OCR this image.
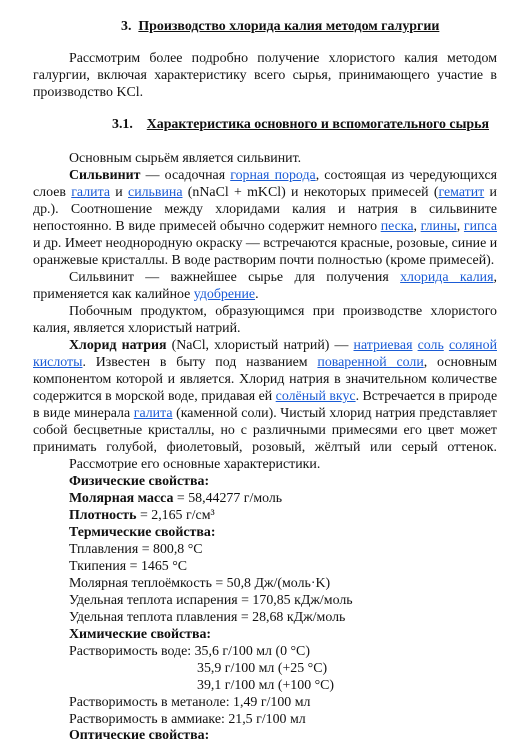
3. Производство хлорида калия методом галургии
Рассмотрим более подробно получение хлористого калия методом
галургии, включая характеристику всего сырья, принимающего участие в
производство KCl.
3.1. Характеристика основного и вспомогательного сырья
Основным сырьём является сильвинит.
Сильвинит — осадочная горная порода, состоящая из чередующихся
слоев галита и сильвина (nNaCl + mKCl) и некоторых примесей (гематит и
др.). Соотношение между хлоридами калия и натрия в сильвините
непостоянно. В виде примесей обычно содержит немного песка, глины, гипса
и др. Имеет неоднородную окраску — встречаются красные, розовые, синие и
оранжевые кристаллы. В воде растворим почти полностью (кроме примесей).
Сильвинит — важнейшее сырье для получения хлорида калия,
применяется как калийное удобрение.
Побочным продуктом, образующимся при производстве хлористого
калия, является хлористый натрий.
Хлорид натрия (NaCl, хлористый натрий) — натриевая соль соляной
кислоты. Известен в быту под названием поваренной соли, основным
компонентом которой и является. Хлорид натрия в значительном количестве
содержится в морской воде, придавая ей солёный вкус. Встречается в природе
в виде минерала галита (каменной соли). Чистый хлорид натрия представляет
собой бесцветные кристаллы, но с различными примесями его цвет может
принимать голубой, фиолетовый, розовый, жёлтый или серый оттенок.
Рассмотрие его основные характеристики.
Физические свойства:
Молярная масса = 58,44277 г/моль
Плотность = 2,165 г/см³
Термические свойства:
Тплавления = 800,8 °C
Ткипения = 1465 °C
Молярная теплоёмкость = 50,8 Дж/(моль·K)
Удельная теплота испарения = 170,85 кДж/моль
Удельная теплота плавления = 28,68 кДж/моль
Химические свойства:
Растворимость воде: 35,6 г/100 мл (0 °C)
35,9 г/100 мл (+25 °C)
39,1 г/100 мл (+100 °C)
Растворимость в метаноле: 1,49 г/100 мл
Растворимость в аммиаке: 21,5 г/100 мл
Оптические свойства:
